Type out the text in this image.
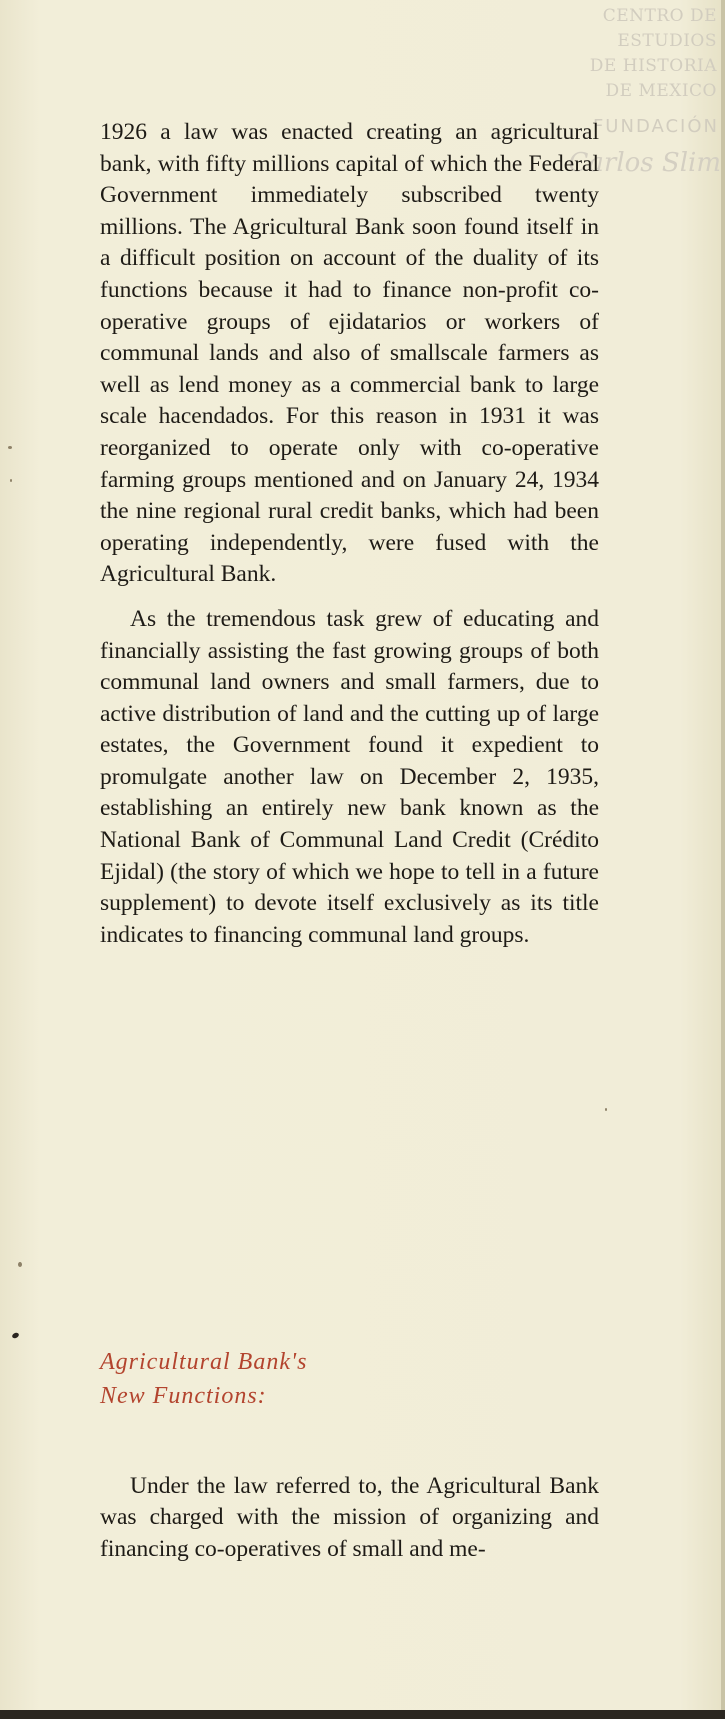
CENTRO DE
ESTUDIOS
DE HISTORIA
DE MEXICO
FUNDACIÓN
Carlos Slim

1926 a law was enacted creating an agricultural bank, with fifty millions capital of which the Federal Government immediately subscribed twenty millions. The Agricultural Bank soon found itself in a difficult position on account of the duality of its functions because it had to finance non-profit co-operative groups of ejidatarios or workers of communal lands and also of smallscale farmers as well as lend money as a commercial bank to large scale hacendados. For this reason in 1931 it was reorganized to operate only with co-operative farming groups mentioned and on January 24, 1934 the nine regional rural credit banks, which had been operating independently, were fused with the Agricultural Bank.

As the tremendous task grew of educating and financially assisting the fast growing groups of both communal land owners and small farmers, due to active distribution of land and the cutting up of large estates, the Government found it expedient to promulgate another law on December 2, 1935, establishing an entirely new bank known as the National Bank of Communal Land Credit (Crédito Ejidal) (the story of which we hope to tell in a future supplement) to devote itself exclusively as its title indicates to financing communal land groups.

Agricultural Bank's
New Functions:

Under the law referred to, the Agricultural Bank was charged with the mission of organizing and financing co-operatives of small and me-
